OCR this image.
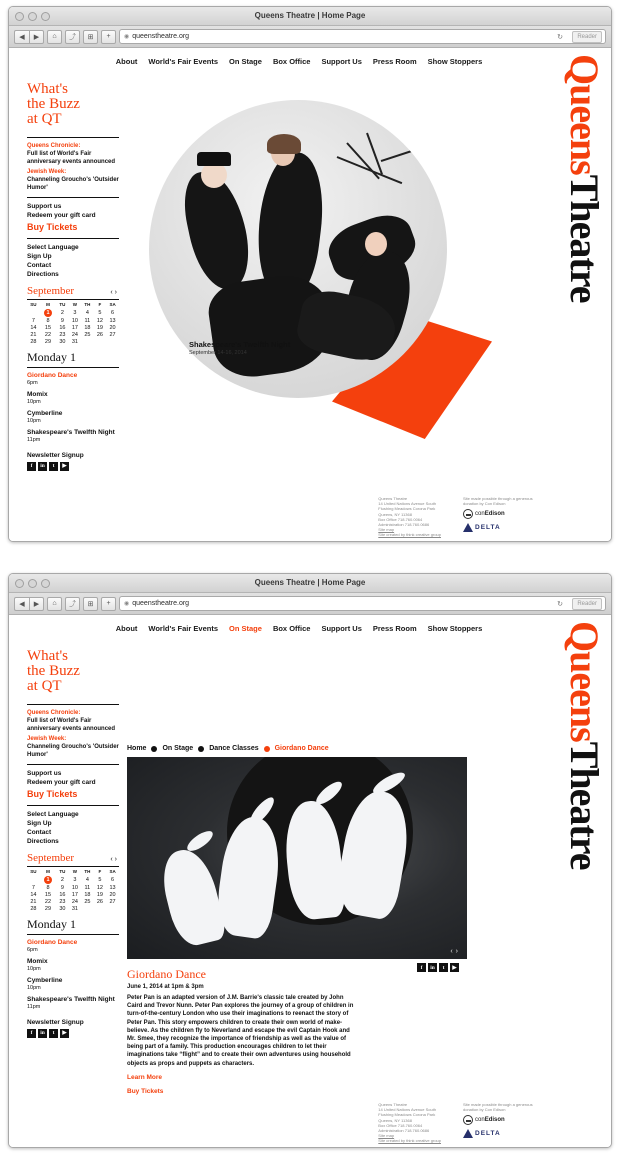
Queens Theatre | Home Page
◀	▶	⌂	⤴	⊞	+	◉ queenstheatre.org	↻	Reader
About World's Fair Events On Stage Box Office Support Us Press Room Show Stoppers QueensTheatre
What's
the Buzz
at QT
Queens Chronicle:
Full list of World's Fair anniversary events announced
Jewish Week:
Channeling Groucho's 'Outsider Humor'
Support us
Redeem your gift card
Buy Tickets
Select Language
Sign Up
Contact
Directions
September	‹›
SU	M	TU	W	TH	F	SA
	1	2	3	4	5	6
7	8	9	10	11	12	13
14	15	16	17	18	19	20
21	22	23	24	25	26	27
28	29	30	31			
Monday 1
Giordano Dance
6pm
Momix
10pm
Cymberline
10pm
Shakespeare's Twelfth Night
11pm
Newsletter Signup
f	in	t	▶
Shakespeare's Twelfth Night
September 14-16, 2014
Queens Theatre
14 United Nations Avenue South
Flushing Meadows Corona Park
Queens, NY 11368
Box Office 718.760.0064
Administration 718.760.0686
Site map
Site created by think creative group
Site made possible through a generous donation by Con Edison
conEdison
DELTA
Queens Theatre | Home Page
◀	▶	⌂	⤴	⊞	+	◉ queenstheatre.org	↻	Reader
About World's Fair Events On Stage Box Office Support Us Press Room Show Stoppers QueensTheatre
What's
the Buzz
at QT
Queens Chronicle:
Full list of World's Fair anniversary events announced
Jewish Week:
Channeling Groucho's 'Outsider Humor'
Support us
Redeem your gift card
Buy Tickets
Select Language
Sign Up
Contact
Directions
September	‹›
SU	M	TU	W	TH	F	SA
	1	2	3	4	5	6
7	8	9	10	11	12	13
14	15	16	17	18	19	20
21	22	23	24	25	26	27
28	29	30	31			
Monday 1
Giordano Dance
6pm
Momix
10pm
Cymberline
10pm
Shakespeare's Twelfth Night
11pm
Newsletter Signup
f	in	t	▶
Home On Stage Dance Classes Giordano Dance
‹›
f	in	t	▶
Giordano Dance
June 1, 2014 at 1pm & 3pm

Peter Pan is an adapted version of J.M. Barrie's classic tale created by John Caird and Trevor Nunn. Peter Pan explores the journey of a group of children in turn-of-the-century London who use their imaginations to reenact the story of Peter Pan. This story empowers children to create their own world of make-believe. As the children fly to Neverland and escape the evil Captain Hook and Mr. Smee, they recognize the importance of friendship as well as the value of being part of a family. This production encourages children to let their imaginations take “flight” and to create their own adventures using household objects as props and puppets as characters.

Learn More
Buy Tickets
Queens Theatre
14 United Nations Avenue South
Flushing Meadows Corona Park
Queens, NY 11368
Box Office 718.760.0064
Administration 718.760.0686
Site map
Site created by think creative group
Site made possible through a generous donation by Con Edison
conEdison
DELTA
